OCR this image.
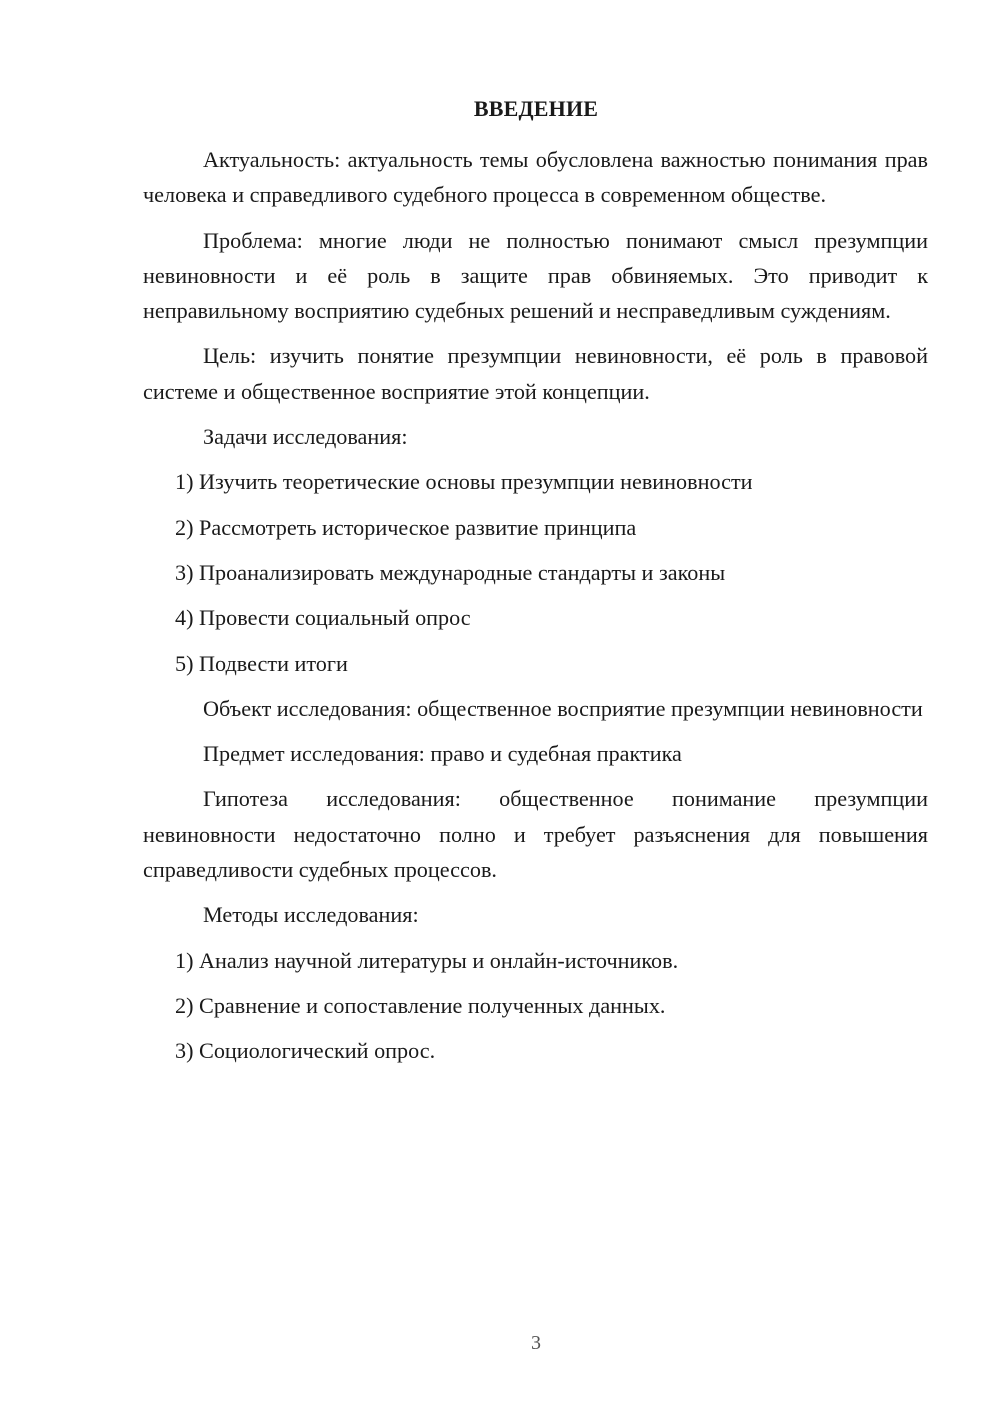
ВВЕДЕНИЕ

Актуальность: актуальность темы обусловлена важностью понимания прав человека и справедливого судебного процесса в современном обществе.

Проблема: многие люди не полностью понимают смысл презумпции невиновности и её роль в защите прав обвиняемых. Это приводит к неправильному восприятию судебных решений и несправедливым суждениям.

Цель: изучить понятие презумпции невиновности, её роль в правовой системе и общественное восприятие этой концепции.

Задачи исследования:

1) Изучить теоретические основы презумпции невиновности

2) Рассмотреть историческое развитие принципа

3) Проанализировать международные стандарты и законы

4) Провести социальный опрос

5) Подвести итоги

Объект исследования: общественное восприятие презумпции невиновности

Предмет исследования: право и судебная практика

Гипотеза исследования: общественное понимание презумпции невиновности недостаточно полно и требует разъяснения для повышения справедливости судебных процессов.

Методы исследования:

1) Анализ научной литературы и онлайн-источников.

2) Сравнение и сопоставление полученных данных.

3) Социологический опрос.

3
